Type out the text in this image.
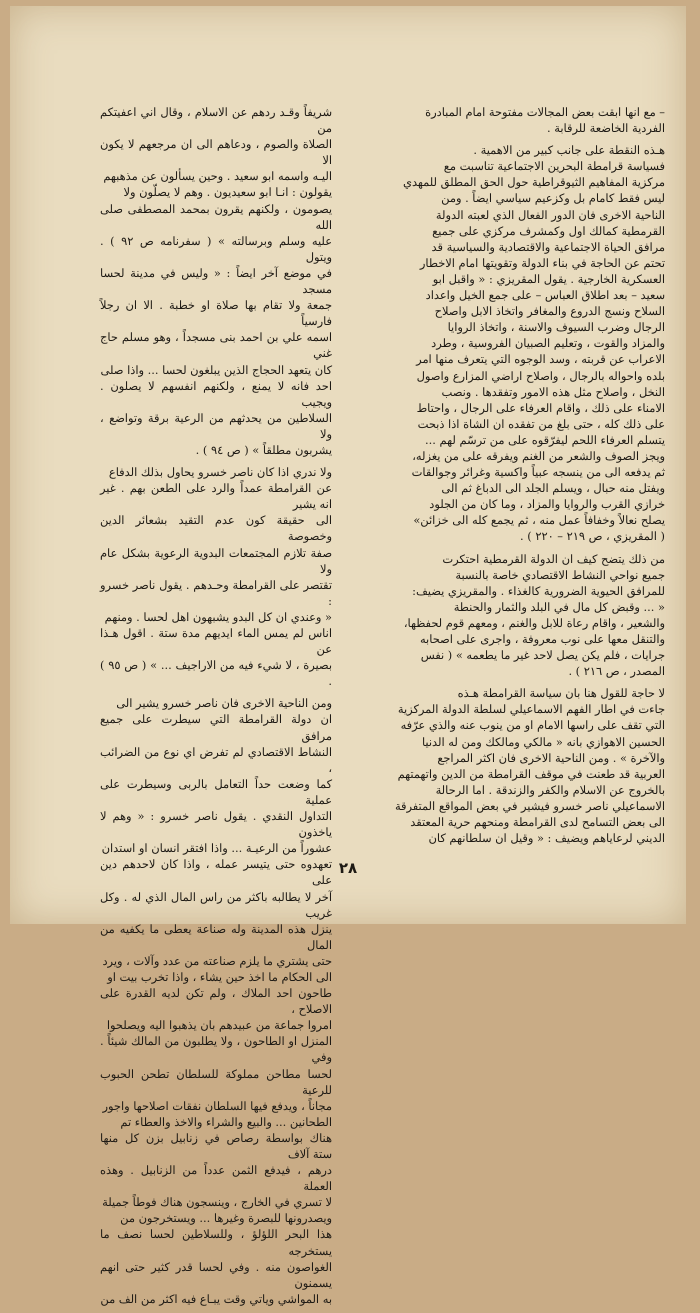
– مع انها ابقت بعض المجالات مفتوحة امام المبادرة
الفردية الخاضعة للرقابة .

هـذه النقطة على جانب كبير من الاهمية .
فسياسة قرامطة البحرين الاجتماعية تناسبت مع
مركزية المفاهيم الثيوقراطية حول الحق المطلق للمهدي
ليس فقط كامام بل وكزعيم سياسي ايضاً . ومن
الناحية الاخرى فان الدور الفعال الذي لعبته الدولة
القرمطية كمالك اول وكمشرف مركزي على جميع
مرافق الحياة الاجتماعية والاقتصادية والسياسية قد
تحتم عن الحاجة في بناء الدولة وتقويتها امام الاخطار
العسكرية الخارجية . يقول المقريزي : « واقبل ابو
سعيد – بعد اطلاق العباس – على جمع الخيل واعداد
السلاح ونسج الدروع والمغافر واتخاذ الابل واصلاح
الرجال وضرب السيوف والاسنة ، واتخاذ الروايا
والمزاد والقوت ، وتعليم الصبيان الفروسية ، وطرد
الاعراب عن قربته ، وسد الوجوه التي يتعرف منها امر
بلده واحواله بالرجال ، واصلاح اراضي المزارع واصول
النخل ، واصلاح مثل هذه الامور وتفقدها . ونصب
الامناء على ذلك ، واقام العرفاء على الرجال ، واحتاط
على ذلك كله ، حتى بلغ من تفقده ان الشاة اذا ذبحت
يتسلم العرفاء اللحم ليفرّقوه على من ترسّم لهم ...
ويجز الصوف والشعر من الغنم ويفرقه على من يغزله،
ثم يدفعه الى من ينسجه عبياً واكسية وغرائر وجوالقات
ويفتل منه حبال ، ويسلم الجلد الى الدباغ ثم الى
خرازي القرب والروايا والمزاد ، وما كان من الجلود
يصلح نعالاً وخفافاً عمل منه ، ثم يجمع كله الى خزائن»
( المقريزي ، ص ٢١٩ – ٢٢٠ ) .

من ذلك يتضح كيف ان الدولة القرمطية احتكرت
جميع نواحي النشاط الاقتصادي خاصة بالنسبة
للمرافق الحيوية الضرورية كالغذاء . والمقريزي يضيف:
« ... وقبض كل مال في البلد والثمار والحنطة
والشعير ، واقام رعاة للابل والغنم ، ومعهم قوم لحفظها،
والتنقل معها على نوب معروفة ، واجرى على اصحابه
جرايات ، فلم يكن يصل لاحد غير ما يطعمه » ( نفس
المصدر ، ص ٢١٦ ) .

لا حاجة للقول هنا بان سياسة القرامطة هـذه
جاءت في اطار الفهم الاسماعيلي لسلطة الدولة المركزية
التي تقف على راسها الامام او من ينوب عنه والذي عرّفه
الحسين الاهوازي بانه « مالكي ومالكك ومن له الدنيا
والآخرة » . ومن الناحية الاخرى فان اكثر المراجع
العربية قد طعنت في موقف القرامطة من الدين واتهمتهم
بالخروج عن الاسلام والكفر والزندقة . اما الرحالة
الاسماعيلي ناصر خسرو فيشير في بعض المواقع المتفرقة
الى بعض التسامح لدى القرامطة ومنحهم حرية المعتقد
الديني لرعاياهم ويضيف : « وقيل ان سلطانهم كان

شريفاً وقـد ردهم عن الاسلام ، وقال اني اعفيتكم من
الصلاة والصوم ، ودعاهم الى ان مرجعهم لا يكون الا
اليـه واسمه ابو سعيد . وحين يسألون عن مذهبهم
يقولون : انـا ابو سعيديون . وهم لا يصلّون ولا
يصومون ، ولكنهم يقرون بمحمد المصطفى صلى الله
عليه وسلم وبرسالته » ( سفرنامه ص ٩٢ ) . ويتول
في موضع آخر ايضاً : « وليس في مدينة لحسا مسجد
جمعة ولا تقام بها صلاة او خطبة . الا ان رجلاً فارسياً
اسمه علي بن احمد بنى مسجداً ، وهو مسلم حاج غني
كان يتعهد الحجاج الذين يبلغون لحسا ... واذا صلى
احد فانه لا يمنع ، ولكنهم انفسهم لا يصلون . ويجيب
السلاطين من يحدثهم من الرعية برقة وتواضع ، ولا
يشربون مطلقاً » ( ص ٩٤ ) .

ولا ندري اذا كان ناصر خسرو يحاول بذلك الدفاع
عن القرامطة عمداً والرد على الطعن بهم . غير انه يشير
الى حقيقة كون عدم التقيد بشعائر الدين وخصوصة
صفة تلازم المجتمعات البدوية الرعوية بشكل عام ولا
تقتصر على القرامطة وحـدهم . يقول ناصر خسرو :
« وعندي ان كل البدو يشبهون اهل لحسا . ومنهم
اناس لم يمس الماء ايديهم مدة ستة . اقول هـذا عن
بصيرة ، لا شيء فيه من الاراجيف ... » ( ص ٩٥ ) .

ومن الناحية الاخرى فان ناصر خسرو يشير الى
ان دولة القرامطة التي سيطرت على جميع مرافق
النشاط الاقتصادي لم تفرض اي نوع من الضرائب ،
كما وضعت حداً التعامل بالربى وسيطرت على عملية
التداول النقدي . يقول ناصر خسرو : « وهم لا ياخذون
عشوراً من الرعيـة ... واذا افتقر انسان او استدان
تعهدوه حتى يتيسر عمله ، واذا كان لاحدهم دين على
آخر لا يطالبه باكثر من راس المال الذي له . وكل غريب
ينزل هذه المدينة وله صناعة يعطى ما يكفيه من المال
حتى يشتري ما يلزم صناعته من عدد وآلات ، ويرد
الى الحكام ما اخذ حين يشاء ، واذا تخرب بيت او
طاحون احد الملاك ، ولم تكن لديه القدرة على الاصلاح ،
امروا جماعة من عبيدهم بان يذهبوا اليه ويصلحوا
المنزل او الطاحون ، ولا يطلبون من المالك شيئاً . وفي
لحسا مطاحن مملوكة للسلطان تطحن الحبوب للرعية
مجاناً ، ويدفع فيها السلطان نفقات اصلاحها واجور
الطحانين ... والبيع والشراء والاخذ والعطاء تم
هناك بواسطة رصاص في زنابيل بزن كل منها ستة آلاف
درهم ، فيدفع الثمن عدداً من الزنابيل . وهذه العملة
لا تسري في الخارج ، وينسجون هناك فوطاً جميلة
ويصدرونها للبصرة وغيرها ... ويستخرجون من
هذا البحر اللؤلؤ ، وللسلاطين لحسا نصف ما يستخرجه
الغواصون منه . وفي لحسا قدر كثير حتى انهم يسمنون
به المواشي وياتي وقت يبـاع فيه اكثر من الف من

٢٨
